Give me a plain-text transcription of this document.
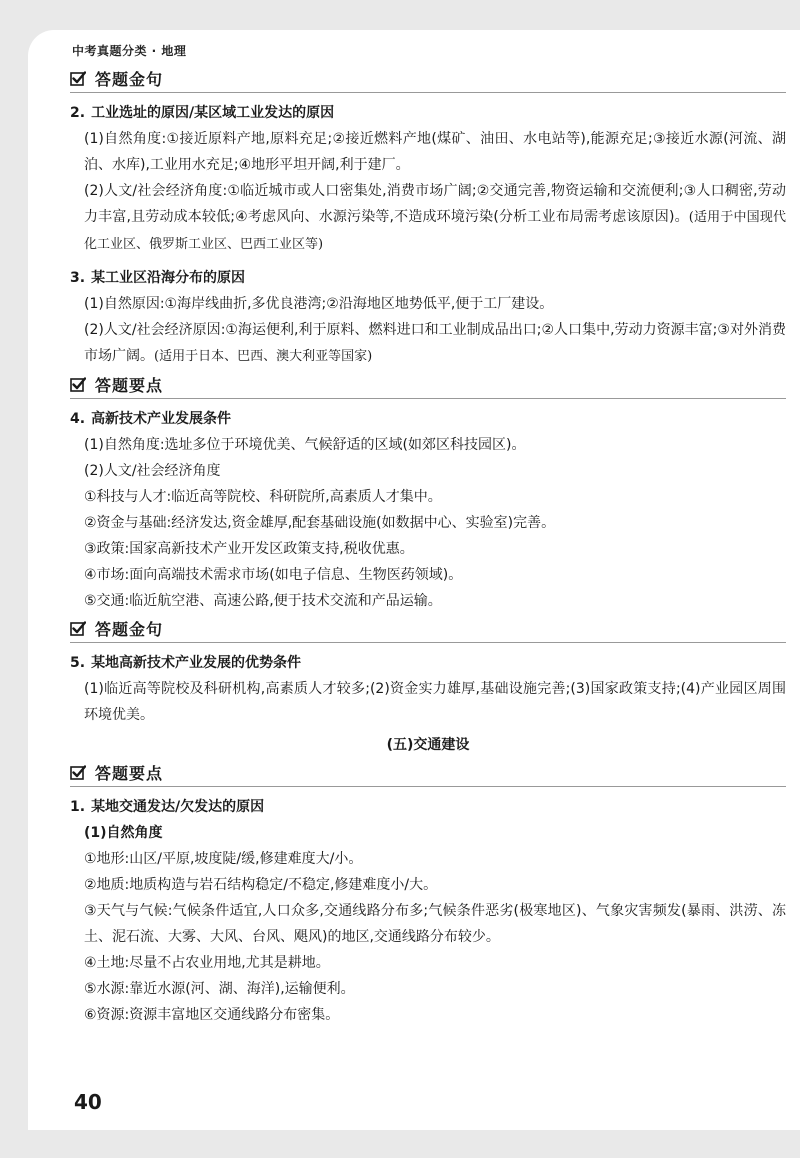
中考真题分类 · 地理
答题金句

2. 工业选址的原因/某区域工业发达的原因

(1)自然角度:①接近原料产地,原料充足;②接近燃料产地(煤矿、油田、水电站等),能源充足;③接近水源(河流、湖泊、水库),工业用水充足;④地形平坦开阔,利于建厂。

(2)人文/社会经济角度:①临近城市或人口密集处,消费市场广阔;②交通完善,物资运输和交流便利;③人口稠密,劳动力丰富,且劳动成本较低;④考虑风向、水源污染等,不造成环境污染(分析工业布局需考虑该原因)。(适用于中国现代化工业区、俄罗斯工业区、巴西工业区等)

3. 某工业区沿海分布的原因

(1)自然原因:①海岸线曲折,多优良港湾;②沿海地区地势低平,便于工厂建设。

(2)人文/社会经济原因:①海运便利,利于原料、燃料进口和工业制成品出口;②人口集中,劳动力资源丰富;③对外消费市场广阔。(适用于日本、巴西、澳大利亚等国家)

答题要点

4. 高新技术产业发展条件

(1)自然角度:选址多位于环境优美、气候舒适的区域(如郊区科技园区)。

(2)人文/社会经济角度

①科技与人才:临近高等院校、科研院所,高素质人才集中。

②资金与基础:经济发达,资金雄厚,配套基础设施(如数据中心、实验室)完善。

③政策:国家高新技术产业开发区政策支持,税收优惠。

④市场:面向高端技术需求市场(如电子信息、生物医药领域)。

⑤交通:临近航空港、高速公路,便于技术交流和产品运输。

答题金句

5. 某地高新技术产业发展的优势条件

(1)临近高等院校及科研机构,高素质人才较多;(2)资金实力雄厚,基础设施完善;(3)国家政策支持;(4)产业园区周围环境优美。

(五)交通建设

答题要点

1. 某地交通发达/欠发达的原因

(1)自然角度

①地形:山区/平原,坡度陡/缓,修建难度大/小。

②地质:地质构造与岩石结构稳定/不稳定,修建难度小/大。

③天气与气候:气候条件适宜,人口众多,交通线路分布多;气候条件恶劣(极寒地区)、气象灾害频发(暴雨、洪涝、冻土、泥石流、大雾、大风、台风、飓风)的地区,交通线路分布较少。

④土地:尽量不占农业用地,尤其是耕地。

⑤水源:靠近水源(河、湖、海洋),运输便利。

⑥资源:资源丰富地区交通线路分布密集。

40
